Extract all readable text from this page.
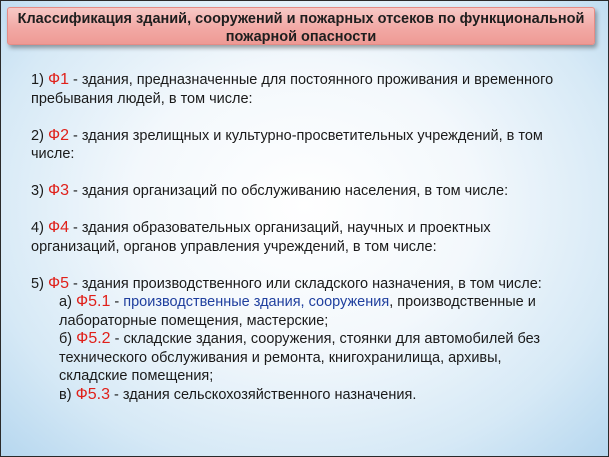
Классификация зданий, сооружений и пожарных отсеков по функциональной
пожарной опасности
1) Ф1 - здания, предназначенные для постоянного проживания и временного
пребывания людей, в том числе:
2) Ф2 - здания зрелищных и культурно-просветительных учреждений, в том
числе:
3) Ф3 - здания организаций по обслуживанию населения, в том числе:
4) Ф4 - здания образовательных организаций, научных и проектных
организаций, органов управления учреждений, в том числе:
5) Ф5 - здания производственного или складского назначения, в том числе:
а) Ф5.1 - производственные здания, сооружения, производственные и
лабораторные помещения, мастерские;
б) Ф5.2 - складские здания, сооружения, стоянки для автомобилей без
технического обслуживания и ремонта, книгохранилища, архивы,
складские помещения;
в) Ф5.3 - здания сельскохозяйственного назначения.
